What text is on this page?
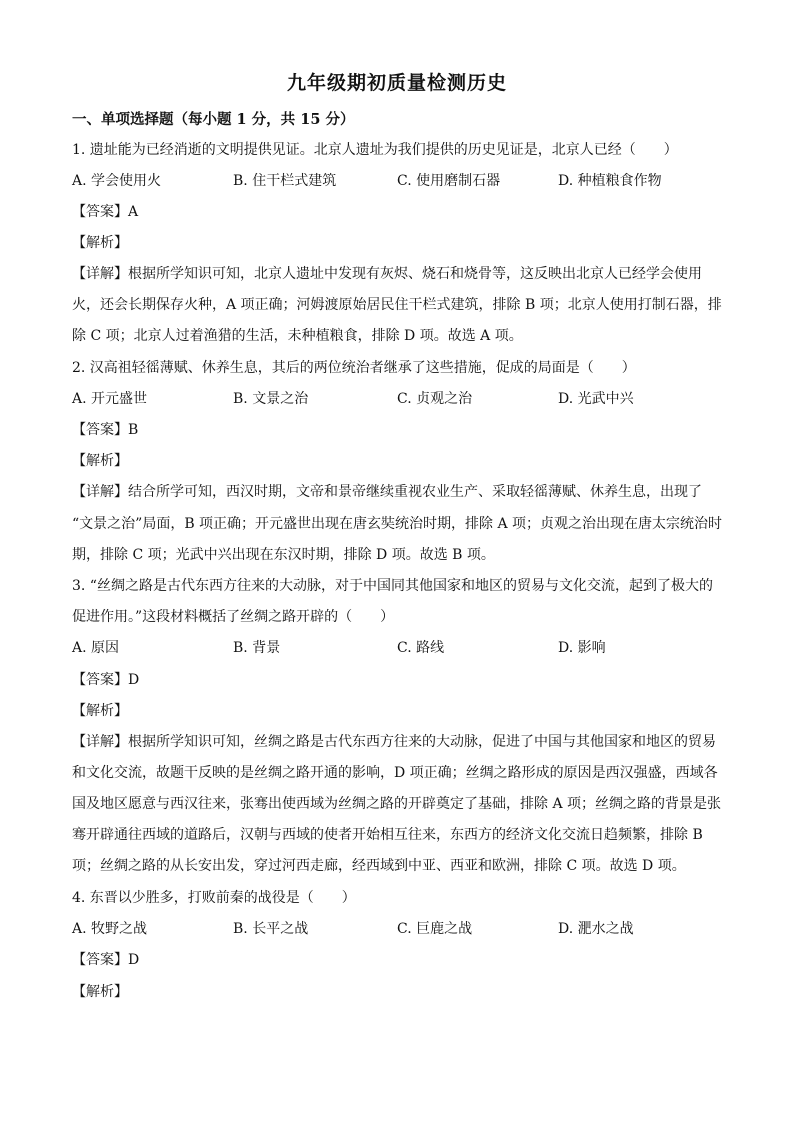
九年级期初质量检测历史
一、单项选择题（每小题 1 分，共 15 分）
1. 遗址能为已经消逝的文明提供见证。北京人遗址为我们提供的历史见证是，北京人已经（　　）
A. 学会使用火	B. 住干栏式建筑	C. 使用磨制石器	D. 种植粮食作物
【答案】A
【解析】
【详解】根据所学知识可知，北京人遗址中发现有灰烬、烧石和烧骨等，这反映出北京人已经学会使用
火，还会长期保存火种，A 项正确；河姆渡原始居民住干栏式建筑，排除 B 项；北京人使用打制石器，排
除 C 项；北京人过着渔猎的生活，未种植粮食，排除 D 项。故选 A 项。
2. 汉高祖轻徭薄赋、休养生息，其后的两位统治者继承了这些措施，促成的局面是（　　）
A. 开元盛世	B. 文景之治	C. 贞观之治	D. 光武中兴
【答案】B
【解析】
【详解】结合所学可知，西汉时期，文帝和景帝继续重视农业生产、采取轻徭薄赋、休养生息，出现了
“文景之治”局面，B 项正确；开元盛世出现在唐玄奘统治时期，排除 A 项；贞观之治出现在唐太宗统治时
期，排除 C 项；光武中兴出现在东汉时期，排除 D 项。故选 B 项。
3. “丝绸之路是古代东西方往来的大动脉，对于中国同其他国家和地区的贸易与文化交流，起到了极大的
促进作用。”这段材料概括了丝绸之路开辟的（　　）
A. 原因	B. 背景	C. 路线	D. 影响
【答案】D
【解析】
【详解】根据所学知识可知，丝绸之路是古代东西方往来的大动脉，促进了中国与其他国家和地区的贸易
和文化交流，故题干反映的是丝绸之路开通的影响，D 项正确；丝绸之路形成的原因是西汉强盛，西域各
国及地区愿意与西汉往来，张骞出使西域为丝绸之路的开辟奠定了基础，排除 A 项；丝绸之路的背景是张
骞开辟通往西域的道路后，汉朝与西域的使者开始相互往来，东西方的经济文化交流日趋频繁，排除 B
项；丝绸之路的从长安出发，穿过河西走廊，经西域到中亚、西亚和欧洲，排除 C 项。故选 D 项。
4. 东晋以少胜多，打败前秦的战役是（　　）
A. 牧野之战	B. 长平之战	C. 巨鹿之战	D. 淝水之战
【答案】D
【解析】
